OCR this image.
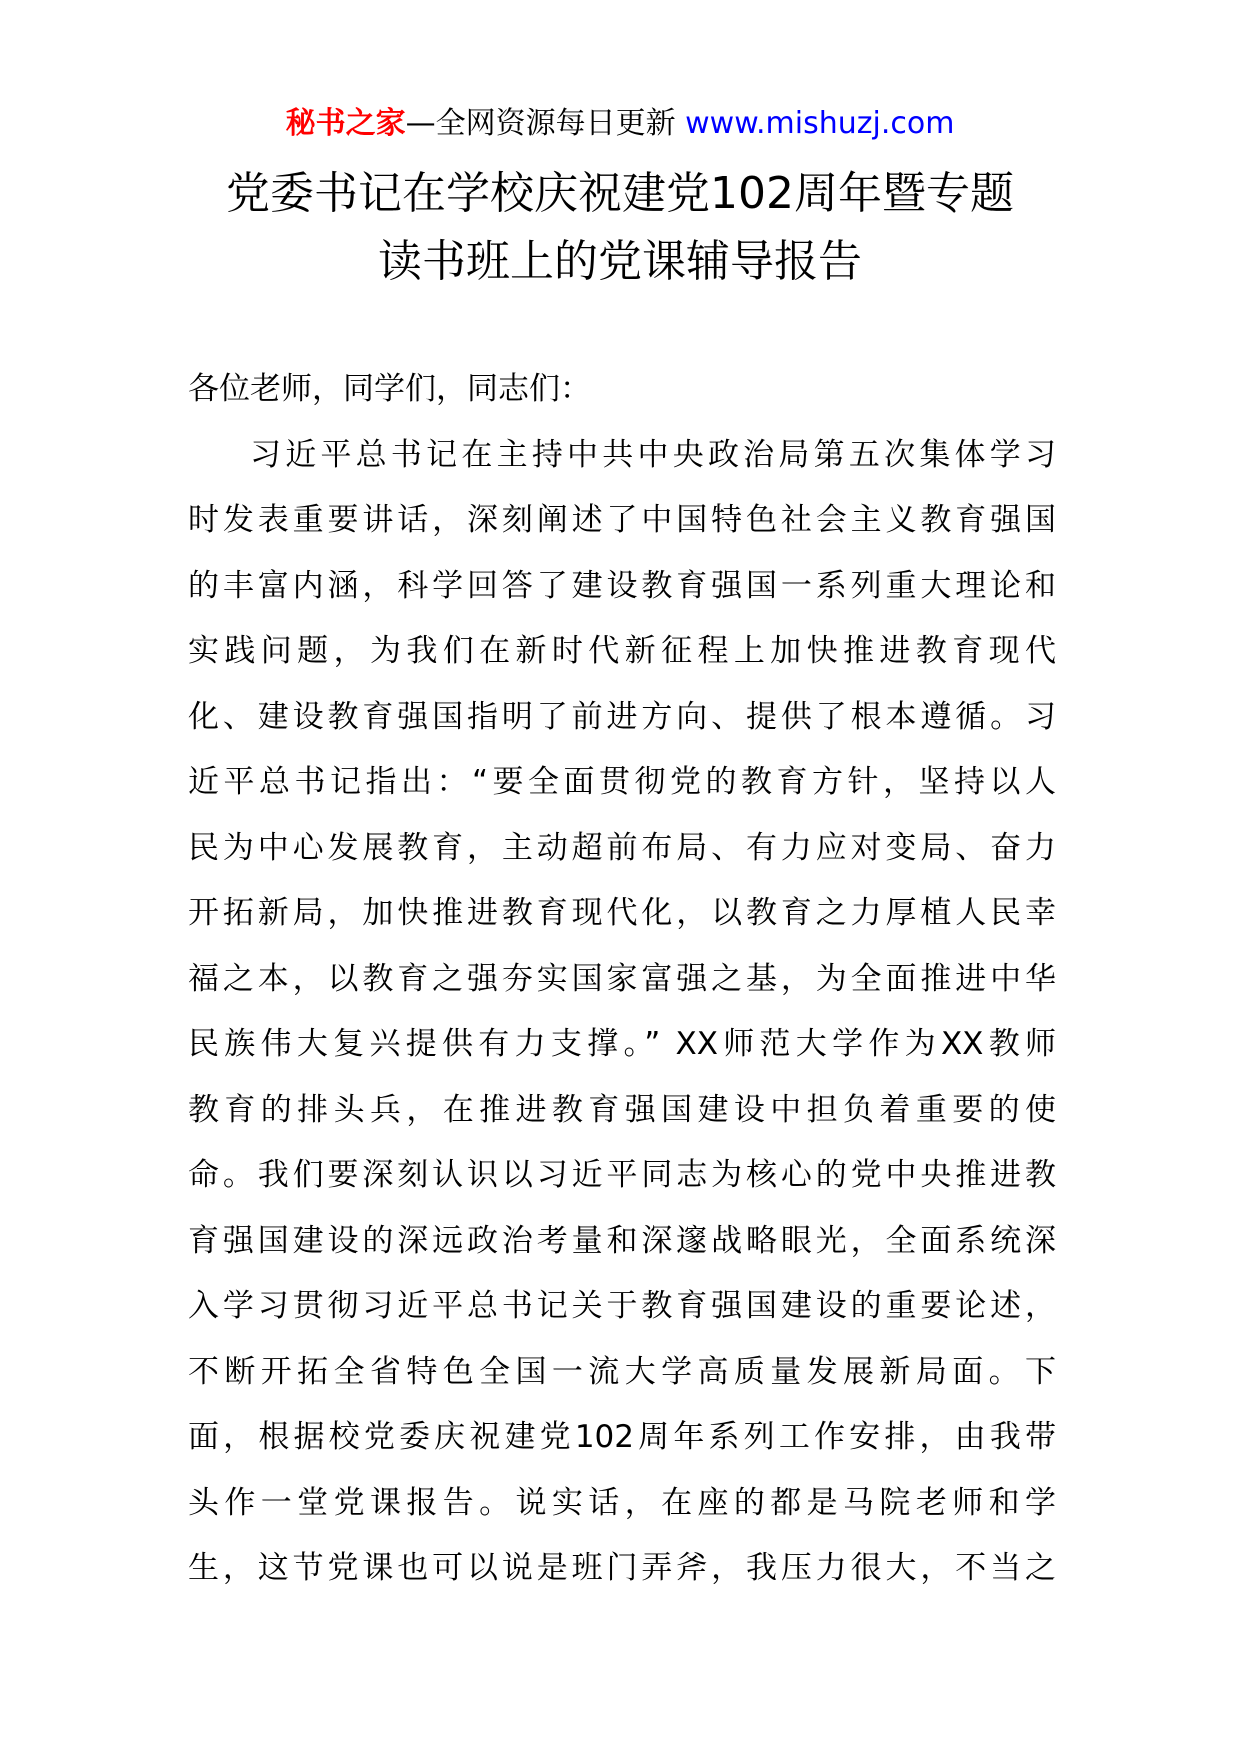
秘书之家—全网资源每日更新 www.mishuzj.com
党委书记在学校庆祝建党102周年暨专题
读书班上的党课辅导报告

各位老师，同学们，同志们：

习近平总书记在主持中共中央政治局第五次集体学习
时发表重要讲话，深刻阐述了中国特色社会主义教育强国
的丰富内涵，科学回答了建设教育强国一系列重大理论和
实践问题，为我们在新时代新征程上加快推进教育现代
化、建设教育强国指明了前进方向、提供了根本遵循。习
近平总书记指出：“要全面贯彻党的教育方针，坚持以人
民为中心发展教育，主动超前布局、有力应对变局、奋力
开拓新局，加快推进教育现代化，以教育之力厚植人民幸
福之本，以教育之强夯实国家富强之基，为全面推进中华
民族伟大复兴提供有力支撑。” XX师范大学作为XX教师
教育的排头兵，在推进教育强国建设中担负着重要的使
命。我们要深刻认识以习近平同志为核心的党中央推进教
育强国建设的深远政治考量和深邃战略眼光，全面系统深
入学习贯彻习近平总书记关于教育强国建设的重要论述，
不断开拓全省特色全国一流大学高质量发展新局面。下
面，根据校党委庆祝建党102周年系列工作安排，由我带
头作一堂党课报告。说实话，在座的都是马院老师和学
生，这节党课也可以说是班门弄斧，我压力很大，不当之
